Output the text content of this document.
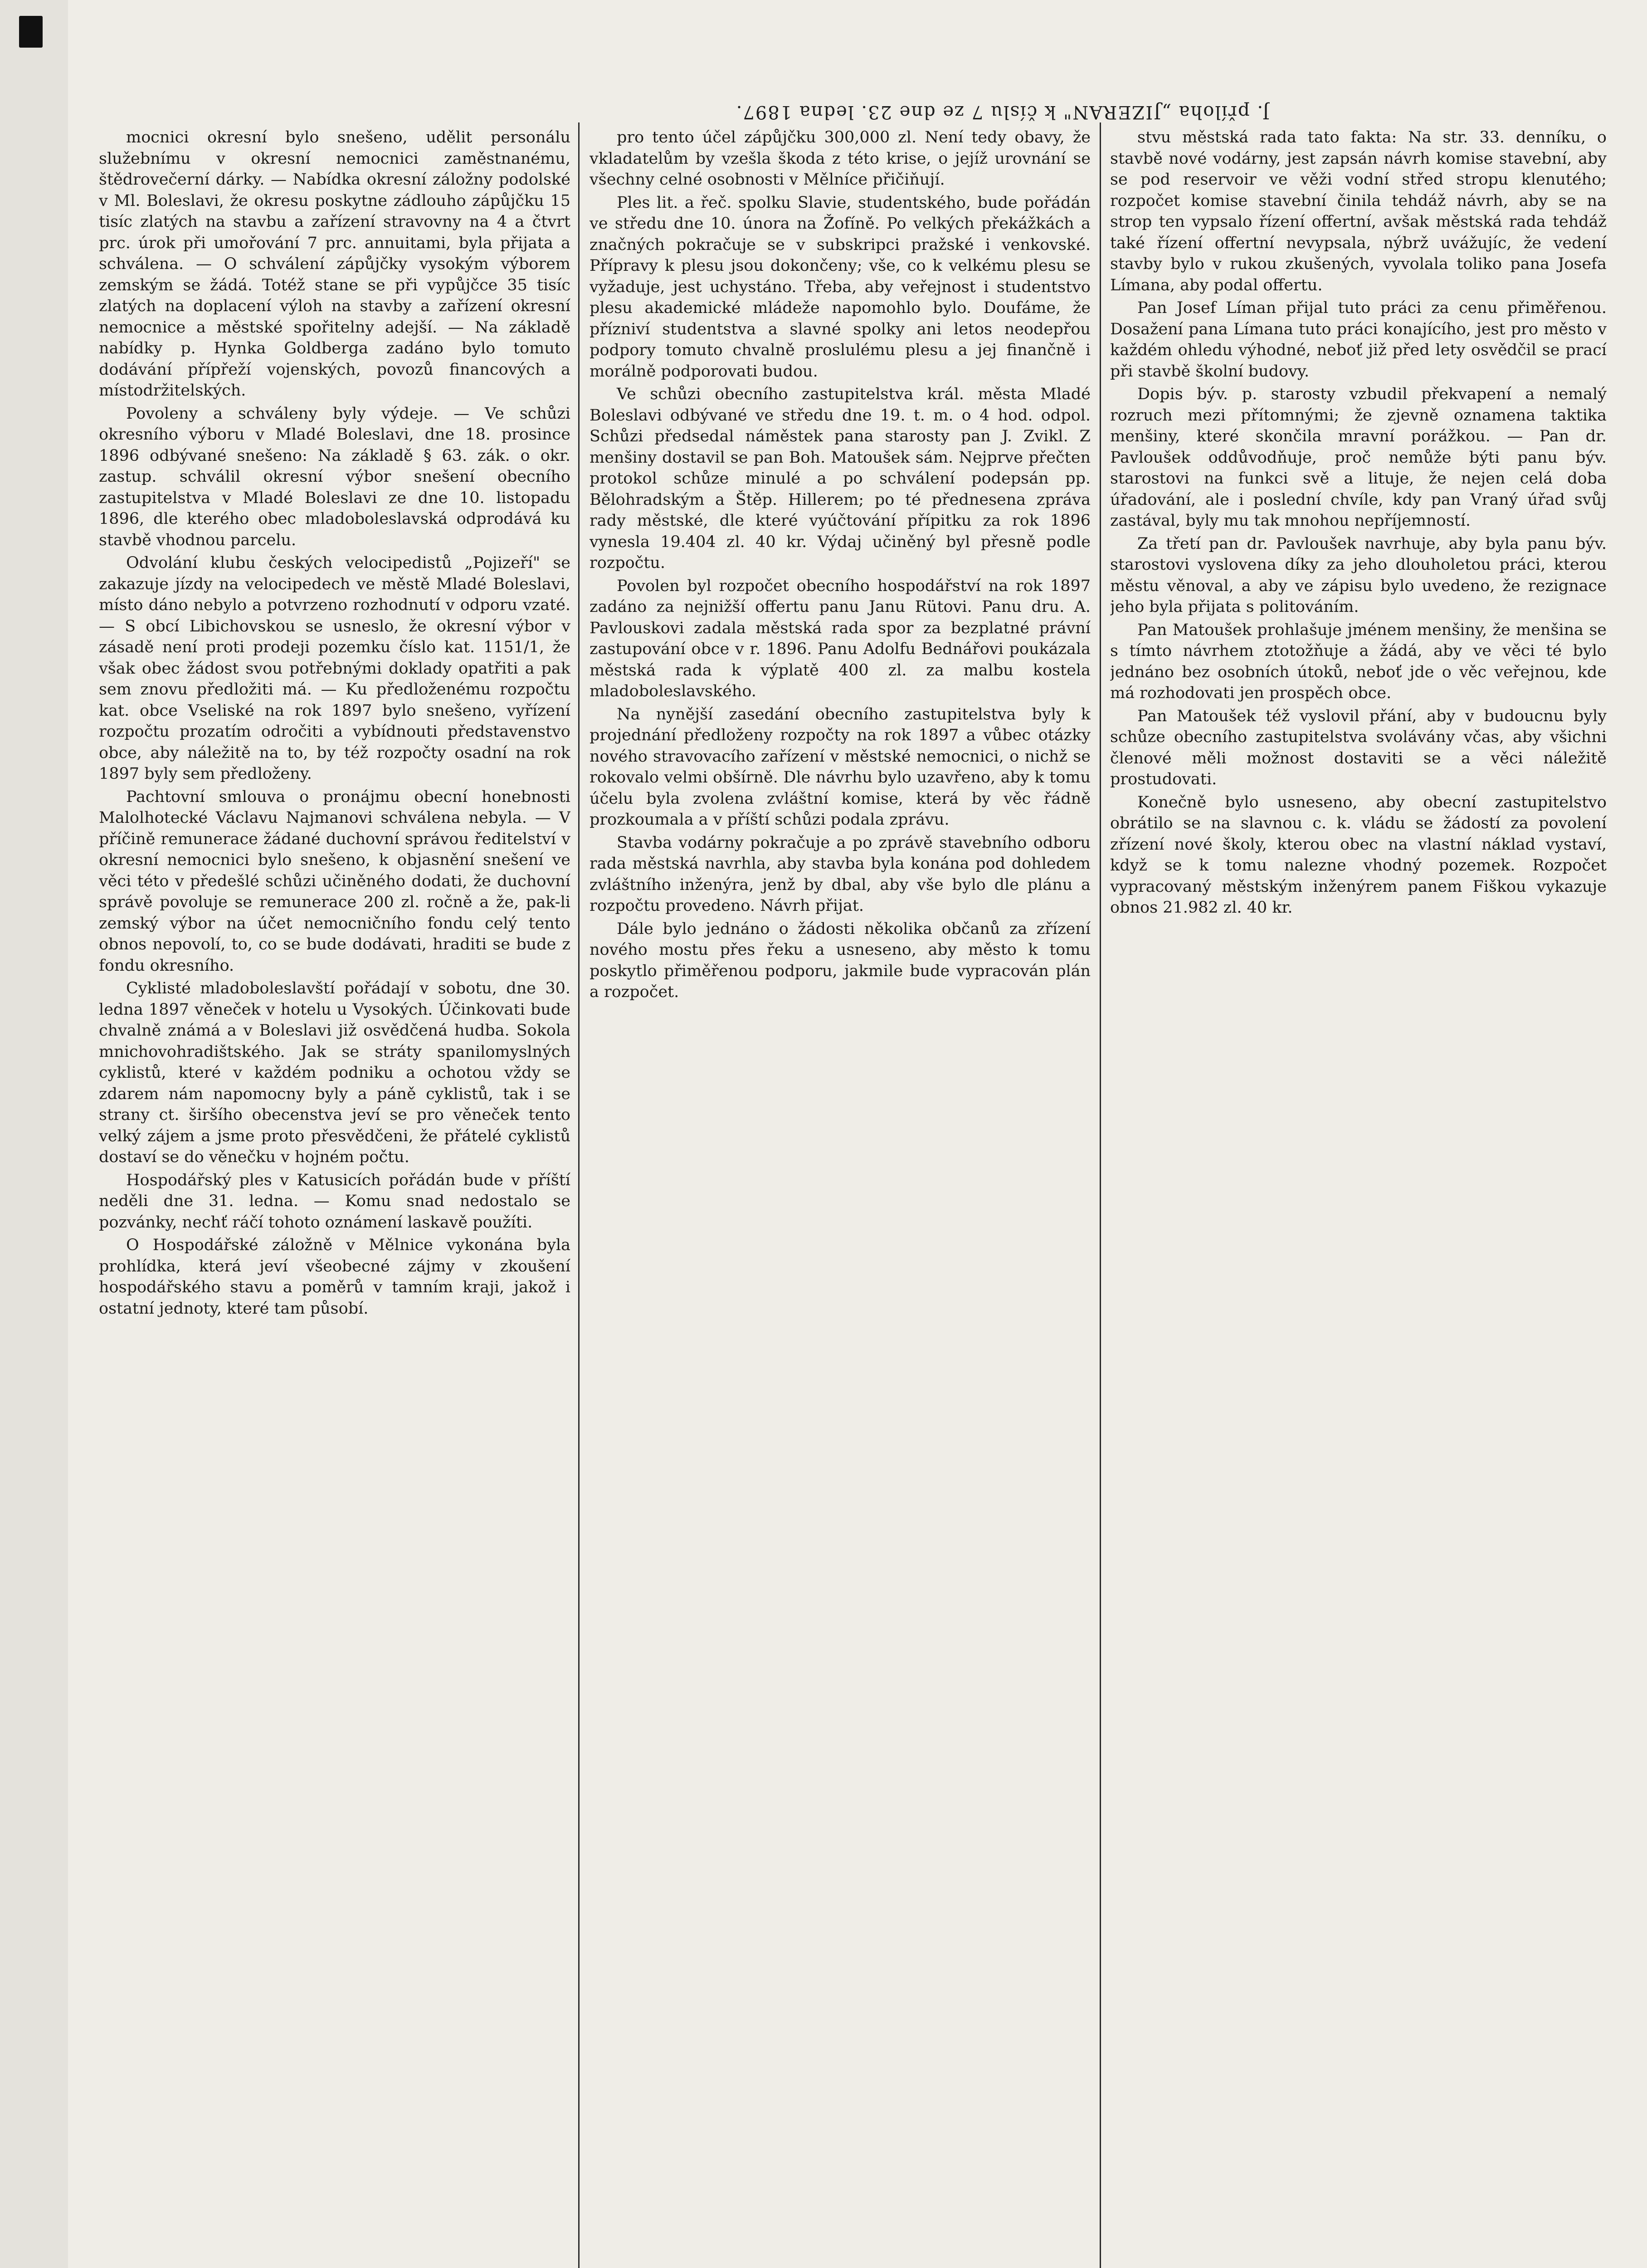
J. příloha „JIZERAN" k číslu 7 ze dne 23. ledna 1897.

mocnici okresní bylo snešeno, udělit personálu služebnímu v okresní nemocnici zaměstnanému, štědrovečerní dárky. — Nabídka okresní záložny podolské v Ml. Boleslavi, že okresu poskytne zádlouho zápůjčku 15 tisíc zlatých na stavbu a zařízení stravovny na 4 a čtvrt prc. úrok při umořování 7 prc. annuitami, byla přijata a schválena. — O schválení zápůjčky vysokým výborem zemským se žádá. Totéž stane se při vypůjčce 35 tisíc zlatých na doplacení výloh na stavby a zařízení okresní nemocnice a městské spořitelny adejší. — Na základě nabídky p. Hynka Goldberga zadáno bylo tomuto dodávání přípřeží vojenských, povozů financových a místodržitelských.

Povoleny a schváleny byly výdeje. — Ve schůzi okresního výboru v Mladé Boleslavi, dne 18. prosince 1896 odbývané snešeno: Na základě § 63. zák. o okr. zastup. schválil okresní výbor snešení obecního zastupitelstva v Mladé Boleslavi ze dne 10. listopadu 1896, dle kterého obec mladoboleslavská odprodává ku stavbě vhodnou parcelu.

Odvolání klubu českých velocipedistů „Pojizeří" se zakazuje jízdy na velocipedech ve městě Mladé Boleslavi, místo dáno nebylo a potvrzeno rozhodnutí v odporu vzaté. — S obcí Libichovskou se usneslo, že okresní výbor v zásadě není proti prodeji pozemku číslo kat. 1151/1, že však obec žádost svou potřebnými doklady opatřiti a pak sem znovu předložiti má. — Ku předloženému rozpočtu kat. obce Vseliské na rok 1897 bylo snešeno, vyřízení rozpočtu prozatím odročiti a vybídnouti představenstvo obce, aby náležitě na to, by též rozpočty osadní na rok 1897 byly sem předloženy.

Pachtovní smlouva o pronájmu obecní honebnosti Malolhotecké Václavu Najmanovi schválena nebyla. — V příčině remunerace žádané duchovní správou ředitelství v okresní nemocnici bylo snešeno, k objasnění snešení ve věci této v předešlé schůzi učiněného dodati, že duchovní správě povoluje se remunerace 200 zl. ročně a že, pak-li zemský výbor na účet nemocničního fondu celý tento obnos nepovolí, to, co se bude dodávati, hraditi se bude z fondu okresního.

Cyklisté mladoboleslavští pořádají v sobotu, dne 30. ledna 1897 věneček v hotelu u Vysokých. Účinkovati bude chvalně známá a v Boleslavi již osvědčená hudba. Sokola mnichovohradištského. Jak se stráty spanilomyslných cyklistů, které v každém podniku a ochotou vždy se zdarem nám napomocny byly a páně cyklistů, tak i se strany ct. širšího obecenstva jeví se pro věneček tento velký zájem a jsme proto přesvědčeni, že přátelé cyklistů dostaví se do věnečku v hojném počtu.

Hospodářský ples v Katusicích pořádán bude v příští neděli dne 31. ledna. — Komu snad nedostalo se pozvánky, nechť ráčí tohoto oznámení laskavě použíti.

O Hospodářské záložně v Mělnice vykonána byla prohlídka, která jeví všeobecné zájmy v zkoušení hospodářského stavu a poměrů v tamním kraji, jakož i ostatní jednoty, které tam působí.

pro tento účel zápůjčku 300,000 zl. Není tedy obavy, že vkladatelům by vzešla škoda z této krise, o jejíž urovnání se všechny celné osobnosti v Mělníce přičiňují.

Ples lit. a řeč. spolku Slavie, studentského, bude pořádán ve středu dne 10. února na Žofíně. Po velkých překážkách a značných pokračuje se v subskripci pražské i venkovské. Přípravy k plesu jsou dokončeny; vše, co k velkému plesu se vyžaduje, jest uchystáno. Třeba, aby veřejnost i studentstvo plesu akademické mládeže napomohlo bylo. Doufáme, že přízniví studentstva a slavné spolky ani letos neodepřou podpory tomuto chvalně proslulému plesu a jej finančně i morálně podporovati budou.

Ve schůzi obecního zastupitelstva král. města Mladé Boleslavi odbývané ve středu dne 19. t. m. o 4 hod. odpol. Schůzi předsedal náměstek pana starosty pan J. Zvikl. Z menšiny dostavil se pan Boh. Matoušek sám. Nejprve přečten protokol schůze minulé a po schválení podepsán pp. Bělohradským a Štěp. Hillerem; po té přednesena zpráva rady městské, dle které vyúčtování přípitku za rok 1896 vynesla 19.404 zl. 40 kr. Výdaj učiněný byl přesně podle rozpočtu.

Povolen byl rozpočet obecního hospodářství na rok 1897 zadáno za nejnižší offertu panu Janu Rütovi. Panu dru. A. Pavlouskovi zadala městská rada spor za bezplatné právní zastupování obce v r. 1896. Panu Adolfu Bednářovi poukázala městská rada k výplatě 400 zl. za malbu kostela mladoboleslavského.

Na nynější zasedání obecního zastupitelstva byly k projednání předloženy rozpočty na rok 1897 a vůbec otázky nového stravovacího zařízení v městské nemocnici, o nichž se rokovalo velmi obšírně. Dle návrhu bylo uzavřeno, aby k tomu účelu byla zvolena zvláštní komise, která by věc řádně prozkoumala a v příští schůzi podala zprávu.

Stavba vodárny pokračuje a po zprávě stavebního odboru rada městská navrhla, aby stavba byla konána pod dohledem zvláštního inženýra, jenž by dbal, aby vše bylo dle plánu a rozpočtu provedeno. Návrh přijat.

Dále bylo jednáno o žádosti několika občanů za zřízení nového mostu přes řeku a usneseno, aby město k tomu poskytlo přiměřenou podporu, jakmile bude vypracován plán a rozpočet.

stvu městská rada tato fakta: Na str. 33. denníku, o stavbě nové vodárny, jest zapsán návrh komise stavební, aby se pod reservoir ve věži vodní střed stropu klenutého; rozpočet komise stavební činila tehdáž návrh, aby se na strop ten vypsalo řízení offertní, avšak městská rada tehdáž také řízení offertní nevypsala, nýbrž uvážujíc, že vedení stavby bylo v rukou zkušených, vyvolala toliko pana Josefa Límana, aby podal offertu.

Pan Josef Líman přijal tuto práci za cenu přiměřenou. Dosažení pana Límana tuto práci konajícího, jest pro město v každém ohledu výhodné, neboť již před lety osvědčil se prací při stavbě školní budovy.

Dopis býv. p. starosty vzbudil překvapení a nemalý rozruch mezi přítomnými; že zjevně oznamena taktika menšiny, které skončila mravní porážkou. — Pan dr. Pavloušek oddůvodňuje, proč nemůže býti panu býv. starostovi na funkci svě a lituje, že nejen celá doba úřadování, ale i poslední chvíle, kdy pan Vraný úřad svůj zastával, byly mu tak mnohou nepříjemností.

Za třetí pan dr. Pavloušek navrhuje, aby byla panu býv. starostovi vyslovena díky za jeho dlouholetou práci, kterou městu věnoval, a aby ve zápisu bylo uvedeno, že rezignace jeho byla přijata s politováním.

Pan Matoušek prohlašuje jménem menšiny, že menšina se s tímto návrhem ztotožňuje a žádá, aby ve věci té bylo jednáno bez osobních útoků, neboť jde o věc veřejnou, kde má rozhodovati jen prospěch obce.

Pan Matoušek též vyslovil přání, aby v budoucnu byly schůze obecního zastupitelstva svolávány včas, aby všichni členové měli možnost dostaviti se a věci náležitě prostudovati.

Konečně bylo usneseno, aby obecní zastupitelstvo obrátilo se na slavnou c. k. vládu se žádostí za povolení zřízení nové školy, kterou obec na vlastní náklad vystaví, když se k tomu nalezne vhodný pozemek. Rozpočet vypracovaný městským inženýrem panem Fiškou vykazuje obnos 21.982 zl. 40 kr.
